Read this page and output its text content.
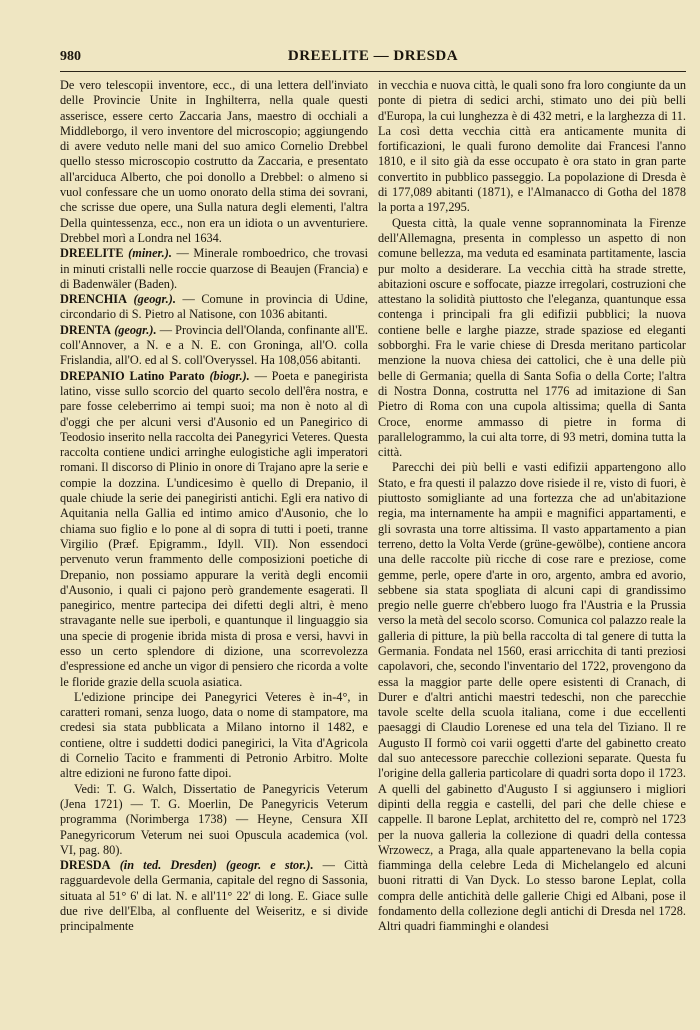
980	DREELITE — DRESDA

De vero telescopii inventore, ecc., di una lettera dell'inviato delle Provincie Unite in Inghilterra, nella quale questi asserisce, essere certo Zaccaria Jans, maestro di occhiali a Middleborgo, il vero inventore del microscopio; aggiungendo di avere veduto nelle mani del suo amico Cornelio Drebbel quello stesso microscopio costrutto da Zaccaria, e presentato all'arciduca Alberto, che poi donollo a Drebbel: o almeno si vuol confessare che un uomo onorato della stima dei sovrani, che scrisse due opere, una Sulla natura degli elementi, l'altra Della quintessenza, ecc., non era un idiota o un avventuriere. Drebbel morì a Londra nel 1634.

DREELITE (miner.). — Minerale romboedrico, che trovasi in minuti cristalli nelle roccie quarzose di Beaujen (Francia) e di Badenwäler (Baden).

DRENCHIA (geogr.). — Comune in provincia di Udine, circondario di S. Pietro al Natisone, con 1036 abitanti.

DRENTA (geogr.). — Provincia dell'Olanda, confinante all'E. coll'Annover, a N. e a N. E. con Groninga, all'O. colla Frislandia, all'O. ed al S. coll'Overyssel. Ha 108,056 abitanti.

DREPANIO Latino Parato (biogr.). — Poeta e panegirista latino, visse sullo scorcio del quarto secolo dell'êra nostra, e pare fosse celeberrimo ai tempi suoi; ma non è noto al dì d'oggi che per alcuni versi d'Ausonio ed un Panegirico di Teodosio inserito nella raccolta dei Panegyrici Veteres. Questa raccolta contiene undici arringhe eulogistiche agli imperatori romani. Il discorso di Plinio in onore di Trajano apre la serie e compie la dozzina. L'undicesimo è quello di Drepanio, il quale chiude la serie dei panegiristi antichi. Egli era nativo di Aquitania nella Gallia ed intimo amico d'Ausonio, che lo chiama suo figlio e lo pone al di sopra di tutti i poeti, tranne Virgilio (Præf. Epigramm., Idyll. VII). Non essendoci pervenuto verun frammento delle composizioni poetiche di Drepanio, non possiamo appurare la verità degli encomii d'Ausonio, i quali ci pajono però grandemente esagerati. Il panegirico, mentre partecipa dei difetti degli altri, è meno stravagante nelle sue iperboli, e quantunque il linguaggio sia una specie di progenie ibrida mista di prosa e versi, havvi in esso un certo splendore di dizione, una scorrevolezza d'espressione ed anche un vigor di pensiero che ricorda a volte le floride grazie della scuola asiatica.

L'edizione principe dei Panegyrici Veteres è in-4°, in caratteri romani, senza luogo, data o nome di stampatore, ma credesi sia stata pubblicata a Milano intorno il 1482, e contiene, oltre i suddetti dodici panegirici, la Vita d'Agricola di Cornelio Tacito e frammenti di Petronio Arbitro. Molte altre edizioni ne furono fatte dipoi.

Vedi: T. G. Walch, Dissertatio de Panegyricis Veterum (Jena 1721) — T. G. Moerlin, De Panegyricis Veterum programma (Norimberga 1738) — Heyne, Censura XII Panegyricorum Veterum nei suoi Opuscula academica (vol. VI, pag. 80).

DRESDA (in ted. Dresden) (geogr. e stor.). — Città ragguardevole della Germania, capitale del regno di Sassonia, situata al 51° 6' di lat. N. e all'11° 22' di long. E. Giace sulle due rive dell'Elba, al confluente del Weiseritz, e si divide principalmente

in vecchia e nuova città, le quali sono fra loro congiunte da un ponte di pietra di sedici archi, stimato uno dei più belli d'Europa, la cui lunghezza è di 432 metri, e la larghezza di 11. La così detta vecchia città era anticamente munita di fortificazioni, le quali furono demolite dai Francesi l'anno 1810, e il sito già da esse occupato è ora stato in gran parte convertito in pubblico passeggio. La popolazione di Dresda è di 177,089 abitanti (1871), e l'Almanacco di Gotha del 1878 la porta a 197,295.

Questa città, la quale venne soprannominata la Firenze dell'Allemagna, presenta in complesso un aspetto di non comune bellezza, ma veduta ed esaminata partitamente, lascia pur molto a desiderare. La vecchia città ha strade strette, abitazioni oscure e soffocate, piazze irregolari, costruzioni che attestano la solidità piuttosto che l'eleganza, quantunque essa contenga i principali fra gli edifizii pubblici; la nuova contiene belle e larghe piazze, strade spaziose ed eleganti sobborghi. Fra le varie chiese di Dresda meritano particolar menzione la nuova chiesa dei cattolici, che è una delle più belle di Germania; quella di Santa Sofia o della Corte; l'altra di Nostra Donna, costrutta nel 1776 ad imitazione di San Pietro di Roma con una cupola altissima; quella di Santa Croce, enorme ammasso di pietre in forma di parallelogrammo, la cui alta torre, di 93 metri, domina tutta la città.

Parecchi dei più belli e vasti edifizii appartengono allo Stato, e fra questi il palazzo dove risiede il re, visto di fuori, è piuttosto somigliante ad una fortezza che ad un'abitazione regia, ma internamente ha ampii e magnifici appartamenti, e gli sovrasta una torre altissima. Il vasto appartamento a pian terreno, detto la Volta Verde (grüne-gewölbe), contiene ancora una delle raccolte più ricche di cose rare e preziose, come gemme, perle, opere d'arte in oro, argento, ambra ed avorio, sebbene sia stata spogliata di alcuni capi di grandissimo pregio nelle guerre ch'ebbero luogo fra l'Austria e la Prussia verso la metà del secolo scorso. Comunica col palazzo reale la galleria di pitture, la più bella raccolta di tal genere di tutta la Germania. Fondata nel 1560, erasi arricchita di tanti preziosi capolavori, che, secondo l'inventario del 1722, provengono da essa la maggior parte delle opere esistenti di Cranach, di Durer e d'altri antichi maestri tedeschi, non che parecchie tavole scelte della scuola italiana, come i due eccellenti paesaggi di Claudio Lorenese ed una tela del Tiziano. Il re Augusto II formò coi varii oggetti d'arte del gabinetto creato dal suo antecessore parecchie collezioni separate. Questa fu l'origine della galleria particolare di quadri sorta dopo il 1723. A quelli del gabinetto d'Augusto I si aggiunsero i migliori dipinti della reggia e castelli, del pari che delle chiese e cappelle. Il barone Leplat, architetto del re, comprò nel 1723 per la nuova galleria la collezione di quadri della contessa Wrzowecz, a Praga, alla quale appartenevano la bella copia fiamminga della celebre Leda di Michelangelo ed alcuni buoni ritratti di Van Dyck. Lo stesso barone Leplat, colla compra delle antichità delle gallerie Chigi ed Albani, pose il fondamento della collezione degli antichi di Dresda nel 1728. Altri quadri fiamminghi e olandesi
